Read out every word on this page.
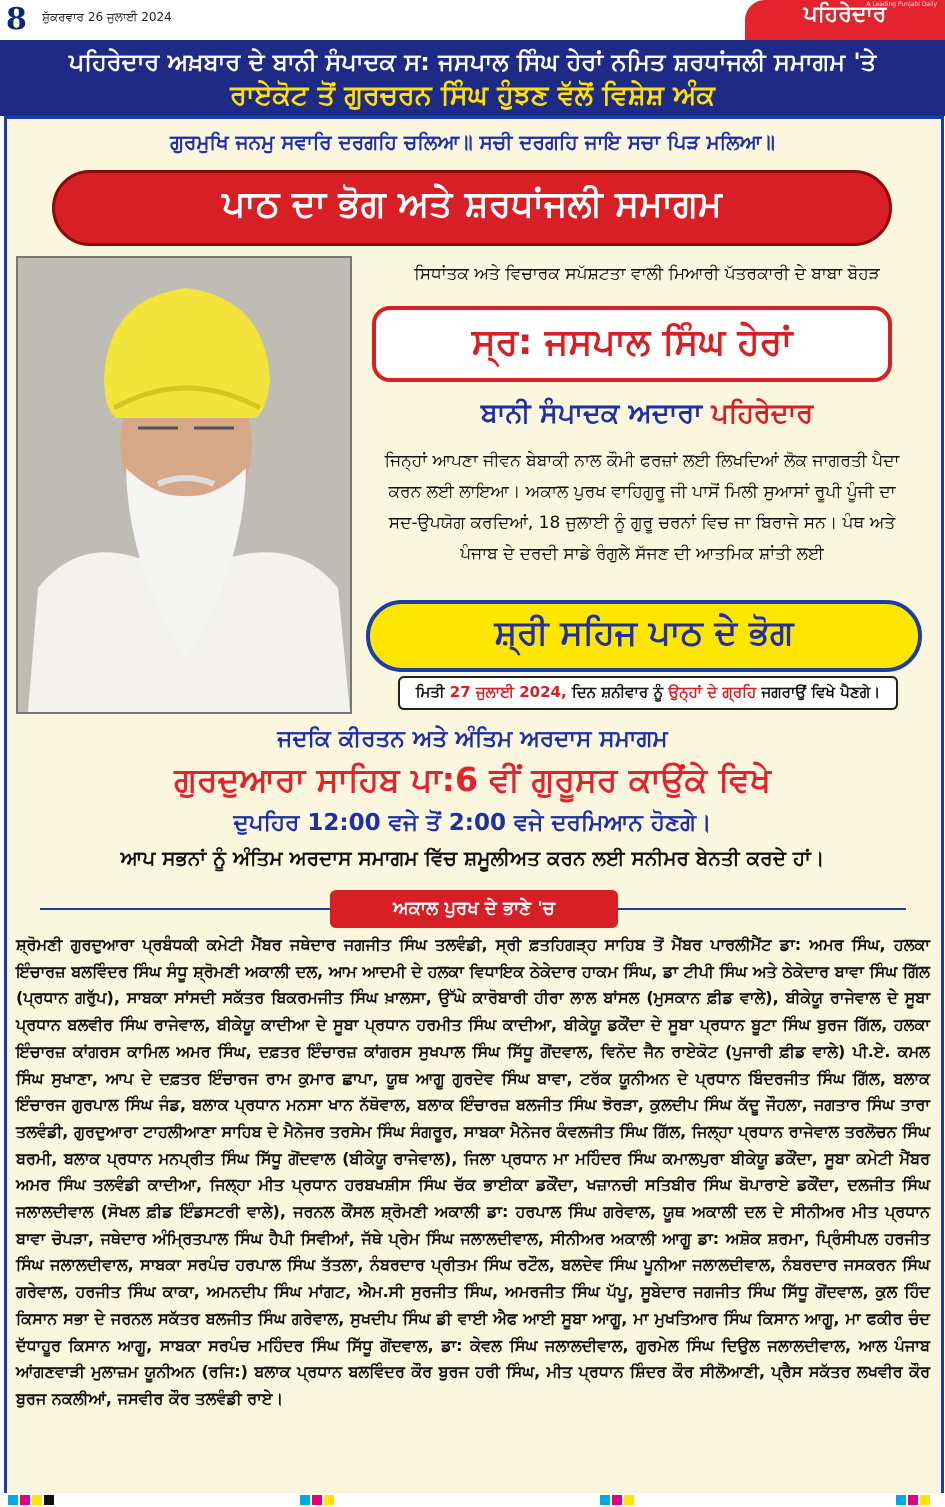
8 ਸ਼ੁੱਕਰਵਾਰ 26 ਜੁਲਾਈ 2024	ਪਹਿਰੇਦਾਰ
A Leading Punjabi Daily
ਪਹਿਰੇਦਾਰ ਅਖ਼ਬਾਰ ਦੇ ਬਾਨੀ ਸੰਪਾਦਕ ਸ: ਜਸਪਾਲ ਸਿੰਘ ਹੇਰਾਂ ਨਮਿਤ ਸ਼ਰਧਾਂਜਲੀ ਸਮਾਗਮ 'ਤੇ
ਰਾਏਕੋਟ ਤੋਂ ਗੁਰਚਰਨ ਸਿੰਘ ਹੁੰਝਣ ਵੱਲੋਂ ਵਿਸ਼ੇਸ਼ ਅੰਕ
ਗੁਰਮੁਖਿ ਜਨਮੁ ਸਵਾਰਿ ਦਰਗਹਿ ਚਲਿਆ॥ ਸਚੀ ਦਰਗਹਿ ਜਾਇ ਸਚਾ ਪਿੜ ਮਲਿਆ॥
ਪਾਠ ਦਾ ਭੋਗ ਅਤੇ ਸ਼ਰਧਾਂਜਲੀ ਸਮਾਗਮ
ਸਿਧਾਂਤਕ ਅਤੇ ਵਿਚਾਰਕ ਸਪੱਸ਼ਟਤਾ ਵਾਲੀ ਮਿਆਰੀ ਪੱਤਰਕਾਰੀ ਦੇ ਬਾਬਾ ਬੋਹੜ
ਸ੍ਰ: ਜਸਪਾਲ ਸਿੰਘ ਹੇਰਾਂ
ਬਾਨੀ ਸੰਪਾਦਕ ਅਦਾਰਾ ਪਹਿਰੇਦਾਰ
ਜਿਨ੍ਹਾਂ ਆਪਣਾ ਜੀਵਨ ਬੇਬਾਕੀ ਨਾਲ ਕੌਮੀ ਫਰਜ਼ਾਂ ਲਈ ਲਿਖਦਿਆਂ ਲੋਕ ਜਾਗਰਤੀ ਪੈਦਾ ਕਰਨ ਲਈ ਲਾਇਆ। ਅਕਾਲ ਪੁਰਖ ਵਾਹਿਗੁਰੂ ਜੀ ਪਾਸੋਂ ਮਿਲੀ ਸੁਆਸਾਂ ਰੂਪੀ ਪੂੰਜੀ ਦਾ ਸਦ-ਉਪਯੋਗ ਕਰਦਿਆਂ, 18 ਜੁਲਾਈ ਨੂੰ ਗੁਰੂ ਚਰਨਾਂ ਵਿਚ ਜਾ ਬਿਰਾਜੇ ਸਨ। ਪੰਥ ਅਤੇ ਪੰਜਾਬ ਦੇ ਦਰਦੀ ਸਾਡੇ ਰੰਗੁਲੇ ਸੱਜਣ ਦੀ ਆਤਮਿਕ ਸ਼ਾਂਤੀ ਲਈ
ਸ਼੍ਰੀ ਸਹਿਜ ਪਾਠ ਦੇ ਭੋਗ
ਮਿਤੀ 27 ਜੁਲਾਈ 2024, ਦਿਨ ਸ਼ਨੀਵਾਰ ਨੂੰ ਉਨ੍ਹਾਂ ਦੇ ਗ੍ਰਹਿ ਜਗਰਾਉਂ ਵਿਖੇ ਪੈਣਗੇ।
ਜਦਕਿ ਕੀਰਤਨ ਅਤੇ ਅੰਤਿਮ ਅਰਦਾਸ ਸਮਾਗਮ
ਗੁਰਦੁਆਰਾ ਸਾਹਿਬ ਪਾ:6 ਵੀਂ ਗੁਰੂਸਰ ਕਾਉਂਕੇ ਵਿਖੇ
ਦੁਪਹਿਰ 12:00 ਵਜੇ ਤੋਂ 2:00 ਵਜੇ ਦਰਮਿਆਨ ਹੋਣਗੇ।
ਆਪ ਸਭਨਾਂ ਨੂੰ ਅੰਤਿਮ ਅਰਦਾਸ ਸਮਾਗਮ ਵਿੱਚ ਸ਼ਮੂਲੀਅਤ ਕਰਨ ਲਈ ਸਨੀਮਰ ਬੇਨਤੀ ਕਰਦੇ ਹਾਂ।
ਅਕਾਲ ਪੁਰਖ ਦੇ ਭਾਣੇ 'ਚ
ਸ਼੍ਰੋਮਣੀ ਗੁਰਦੁਆਰਾ ਪ੍ਰਬੰਧਕੀ ਕਮੇਟੀ ਮੈਂਬਰ ਜਥੇਦਾਰ ਜਗਜੀਤ ਸਿੰਘ ਤਲਵੰਡੀ, ਸ੍ਰੀ ਫ਼ਤਹਿਗੜ੍ਹ ਸਾਹਿਬ ਤੋਂ ਮੈਂਬਰ ਪਾਰਲੀਮੈਂਟ ਡਾ: ਅਮਰ ਸਿੰਘ, ਹਲਕਾ ਇੰਚਾਰਜ਼ ਬਲਵਿੰਦਰ ਸਿੰਘ ਸੰਧੂ ਸ਼੍ਰੋਮਣੀ ਅਕਾਲੀ ਦਲ, ਆਮ ਆਦਮੀ ਦੇ ਹਲਕਾ ਵਿਧਾਇਕ ਠੇਕੇਦਾਰ ਹਾਕਮ ਸਿੰਘ, ਡਾ ਟੀਪੀ ਸਿੰਘ ਅਤੇ ਠੇਕੇਦਾਰ ਬਾਵਾ ਸਿੰਘ ਗਿੱਲ (ਪ੍ਰਧਾਨ ਗਰੁੱਪ), ਸਾਬਕਾ ਸਾਂਸਦੀ ਸਕੱਤਰ ਬਿਕਰਮਜੀਤ ਸਿੰਘ ਖ਼ਾਲਸਾ, ਉੱਘੇ ਕਾਰੋਬਾਰੀ ਹੀਰਾ ਲਾਲ ਬਾਂਸਲ (ਮੁਸਕਾਨ ਫ਼ੀਡ ਵਾਲੇ), ਬੀਕੇਯੂ ਰਾਜੇਵਾਲ ਦੇ ਸੂਬਾ ਪ੍ਰਧਾਨ ਬਲਵੀਰ ਸਿੰਘ ਰਾਜੇਵਾਲ, ਬੀਕੇਯੂ ਕਾਦੀਆ ਦੇ ਸੂਬਾ ਪ੍ਰਧਾਨ ਹਰਮੀਤ ਸਿੰਘ ਕਾਦੀਆ, ਬੀਕੇਯੂ ਡਕੌਂਦਾ ਦੇ ਸੂਬਾ ਪ੍ਰਧਾਨ ਬੂਟਾ ਸਿੰਘ ਬੁਰਜ ਗਿੱਲ, ਹਲਕਾ ਇੰਚਾਰਜ਼ ਕਾਂਗਰਸ ਕਾਮਿਲ ਅਮਰ ਸਿੰਘ, ਦਫ਼ਤਰ ਇੰਚਾਰਜ਼ ਕਾਂਗਰਸ ਸੁਖਪਾਲ ਸਿੰਘ ਸਿੱਧੂ ਗੋਂਦਵਾਲ, ਵਿਨੋਦ ਜੈਨ ਰਾਏਕੋਟ (ਪੁਜਾਰੀ ਫ਼ੀਡ ਵਾਲੇ) ਪੀ.ਏ. ਕਮਲ ਸਿੰਘ ਸੁਖਾਣਾ, ਆਪ ਦੇ ਦਫ਼ਤਰ ਇੰਚਾਰਜ ਰਾਮ ਕੁਮਾਰ ਛਾਪਾ, ਯੂਥ ਆਗੂ ਗੁਰਦੇਵ ਸਿੰਘ ਬਾਵਾ, ਟਰੱਕ ਯੂਨੀਅਨ ਦੇ ਪ੍ਰਧਾਨ ਬਿੰਦਰਜੀਤ ਸਿੰਘ ਗਿੱਲ, ਬਲਾਕ ਇੰਚਾਰਜ ਗੁਰਪਾਲ ਸਿੰਘ ਜੰਡ, ਬਲਾਕ ਪ੍ਰਧਾਨ ਮਨਸਾ ਖਾਨ ਨੱਥੋਵਾਲ, ਬਲਾਕ ਇੰਚਾਰਜ਼ ਬਲਜੀਤ ਸਿੰਘ ਝੋਰੜਾ, ਕੁਲਦੀਪ ਸਿੰਘ ਕੱਦੂ ਜੌਹਲਾ, ਜਗਤਾਰ ਸਿੰਘ ਤਾਰਾ ਤਲਵੰਡੀ, ਗੁਰਦੁਆਰਾ ਟਾਹਲੀਆਣਾ ਸਾਹਿਬ ਦੇ ਮੈਨੇਜਰ ਤਰਸੇਮ ਸਿੰਘ ਸੰਗਰੂਰ, ਸਾਬਕਾ ਮੈਨੇਜਰ ਕੰਵਲਜੀਤ ਸਿੰਘ ਗਿੱਲ, ਜਿਲ੍ਹਾ ਪ੍ਰਧਾਨ ਰਾਜੇਵਾਲ ਤਰਲੋਚਨ ਸਿੰਘ ਬਰਮੀ, ਬਲਾਕ ਪ੍ਰਧਾਨ ਮਨਪ੍ਰੀਤ ਸਿੰਘ ਸਿੱਧੂ ਗੋਂਦਵਾਲ (ਬੀਕੇਯੂ ਰਾਜੇਵਾਲ), ਜਿਲਾ ਪ੍ਰਧਾਨ ਮਾ ਮਹਿੰਦਰ ਸਿੰਘ ਕਮਾਲਪੁਰਾ ਬੀਕੇਯੂ ਡਕੌਂਦਾ, ਸੂਬਾ ਕਮੇਟੀ ਮੈਂਬਰ ਅਮਰ ਸਿੰਘ ਤਲਵੰਡੀ ਕਾਦੀਆ, ਜਿਲ੍ਹਾ ਮੀਤ ਪ੍ਰਧਾਨ ਹਰਬਖਸ਼ੀਸ ਸਿੰਘ ਚੱਕ ਭਾਈਕਾ ਡਕੌਂਦਾ, ਖਜ਼ਾਨਚੀ ਸਤਿਬੀਰ ਸਿੰਘ ਬੋਪਾਰਾਏ ਡਕੌਂਦਾ, ਦਲਜੀਤ ਸਿੰਘ ਜਲਾਲਦੀਵਾਲ (ਸੋਖਲ ਫ਼ੀਡ ਇੰਡਸਟਰੀ ਵਾਲੇ), ਜਰਨਲ ਕੌਂਸਲ ਸ਼੍ਰੋਮਣੀ ਅਕਾਲੀ ਡਾ: ਹਰਪਾਲ ਸਿੰਘ ਗਰੇਵਾਲ, ਯੂਥ ਅਕਾਲੀ ਦਲ ਦੇ ਸੀਨੀਅਰ ਮੀਤ ਪ੍ਰਧਾਨ ਬਾਵਾ ਚੋਪੜਾ, ਜਥੇਦਾਰ ਅੰਮ੍ਰਿਤਪਾਲ ਸਿੰਘ ਹੈਪੀ ਸਿਵੀਆਂ, ਜੱਥੇ ਪ੍ਰੇਮ ਸਿੰਘ ਜਲਾਲਦੀਵਾਲ, ਸੀਨੀਅਰ ਅਕਾਲੀ ਆਗੂ ਡਾ: ਅਸ਼ੋਕ ਸ਼ਰਮਾ, ਪ੍ਰਿੰਸੀਪਲ ਹਰਜੀਤ ਸਿੰਘ ਜਲਾਲਦੀਵਾਲ, ਸਾਬਕਾ ਸਰਪੰਚ ਹਰਪਾਲ ਸਿੰਘ ਤੱਤਲਾ, ਨੰਬਰਦਾਰ ਪ੍ਰੀਤਮ ਸਿੰਘ ਰਟੌਲ, ਬਲਦੇਵ ਸਿੰਘ ਪੂਨੀਆ ਜਲਾਲਦੀਵਾਲ, ਨੰਬਰਦਾਰ ਜਸਕਰਨ ਸਿੰਘ ਗਰੇਵਾਲ, ਹਰਜੀਤ ਸਿੰਘ ਕਾਕਾ, ਅਮਨਦੀਪ ਸਿੰਘ ਮਾਂਗਟ, ਐਮ.ਸੀ ਸੁਰਜੀਤ ਸਿੰਘ, ਅਮਰਜੀਤ ਸਿੰਘ ਪੱਪੂ, ਸੂਬੇਦਾਰ ਜਗਜੀਤ ਸਿੰਘ ਸਿੱਧੂ ਗੋਂਦਵਾਲ, ਕੁਲ ਹਿੰਦ ਕਿਸਾਨ ਸਭਾ ਦੇ ਜਰਨਲ ਸਕੱਤਰ ਬਲਜੀਤ ਸਿੰਘ ਗਰੇਵਾਲ, ਸੁਖਦੀਪ ਸਿੰਘ ਡੀ ਵਾਈ ਐਫ ਆਈ ਸੂਬਾ ਆਗੂ, ਮਾ ਮੁਖਤਿਆਰ ਸਿੰਘ ਕਿਸਾਨ ਆਗੂ, ਮਾ ਫਕੀਰ ਚੰਦ ਦੱਧਾਹੂਰ ਕਿਸਾਨ ਆਗੂ, ਸਾਬਕਾ ਸਰਪੰਚ ਮਹਿੰਦਰ ਸਿੰਘ ਸਿੱਧੂ ਗੋਂਦਵਾਲ, ਡਾ: ਕੇਵਲ ਸਿੰਘ ਜਲਾਲਦੀਵਾਲ, ਗੁਰਮੇਲ ਸਿੰਘ ਦਿਉਲ ਜਲਾਲਦੀਵਾਲ, ਆਲ ਪੰਜਾਬ ਆਂਗਣਵਾੜੀ ਮੁਲਾਜ਼ਮ ਯੂਨੀਅਨ (ਰਜਿ:) ਬਲਾਕ ਪ੍ਰਧਾਨ ਬਲਵਿੰਦਰ ਕੌਰ ਬੁਰਜ ਹਰੀ ਸਿੰਘ, ਮੀਤ ਪ੍ਰਧਾਨ ਸ਼ਿੰਦਰ ਕੌਰ ਸੀਲੋਆਣੀ, ਪ੍ਰੈਸ ਸਕੱਤਰ ਲਖਵੀਰ ਕੌਰ ਬੁਰਜ ਨਕਲੀਆਂ, ਜਸਵੀਰ ਕੌਰ ਤਲਵੰਡੀ ਰਾਏ।
